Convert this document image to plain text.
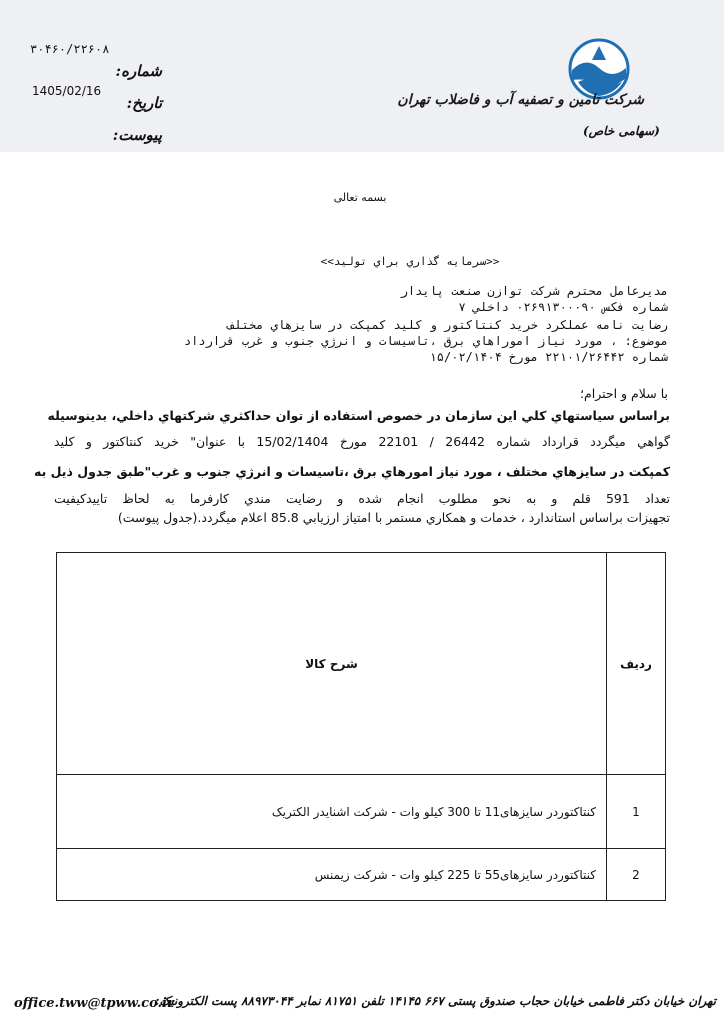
شرکت تامین و تصفیه آب و فاضلاب تهران
(سهامی خاص)
۳۰۴۶۰/۲۲۶۰۸
شماره:
1405/02/16
تاریخ:
پیوست:
بسمه تعالی
<<سرمايه گذاري براي توليد>>
مديرعامل محترم شرکت توازن صنعت پايدار
شماره فکس ۰۲۶۹۱۳۰۰۰۹۰ داخلي ۷
رضايت نامه عملکرد خريد کنتاکتور و کليد کمپکت در سايزهاي مختلف
موضوع: ، مورد نياز اموراهاي برق ،تاسيسات و انرژي جنوب و غرب قرارداد
شماره ۲۲۱۰۱/۲۶۴۴۲ مورخ ۱۵/۰۲/۱۴۰۴
با سلام و احترام؛
براساس سياستهاي کلي اين سازمان در خصوص استفاده از توان حداکثري شرکتهاي داخلي، بدينوسيله
گواهي ميگردد قرارداد شماره 26442 / 22101 مورخ 15/02/1404 با عنوان" خريد کنتاکتور و کليد
کمپکت در سايزهاي مختلف ، مورد نياز امورهاي برق ،تاسيسات و انرژي جنوب و غرب"طبق جدول ذيل به
تعداد 591 قلم و به نحو مطلوب انجام شده و رضايت مندي کارفرما به لحاظ تاييدکيفيت
تجهيزات براساس استاندارد ، خدمات و همکاري مستمر با امتياز ارزيابي 85.8 اعلام ميگردد.(جدول پيوست)
رديف	شرح کالا
1	کنتاکتوردر سايزهای11 تا 300 کيلو وات - شرکت اشنايدر الکتريک
2	کنتاکتوردر سايزهای55 تا 225 کيلو وات - شرکت زيمنس
office.tww@tpww.co.ir
تهران خیابان دکتر فاطمی خیابان حجاب صندوق پستی ۶۶۷ ۱۴۱۴۵ تلفن ۸۱۷۵۱ نمابر ۸۸۹۷۳۰۴۴ پست الکترونیک:
